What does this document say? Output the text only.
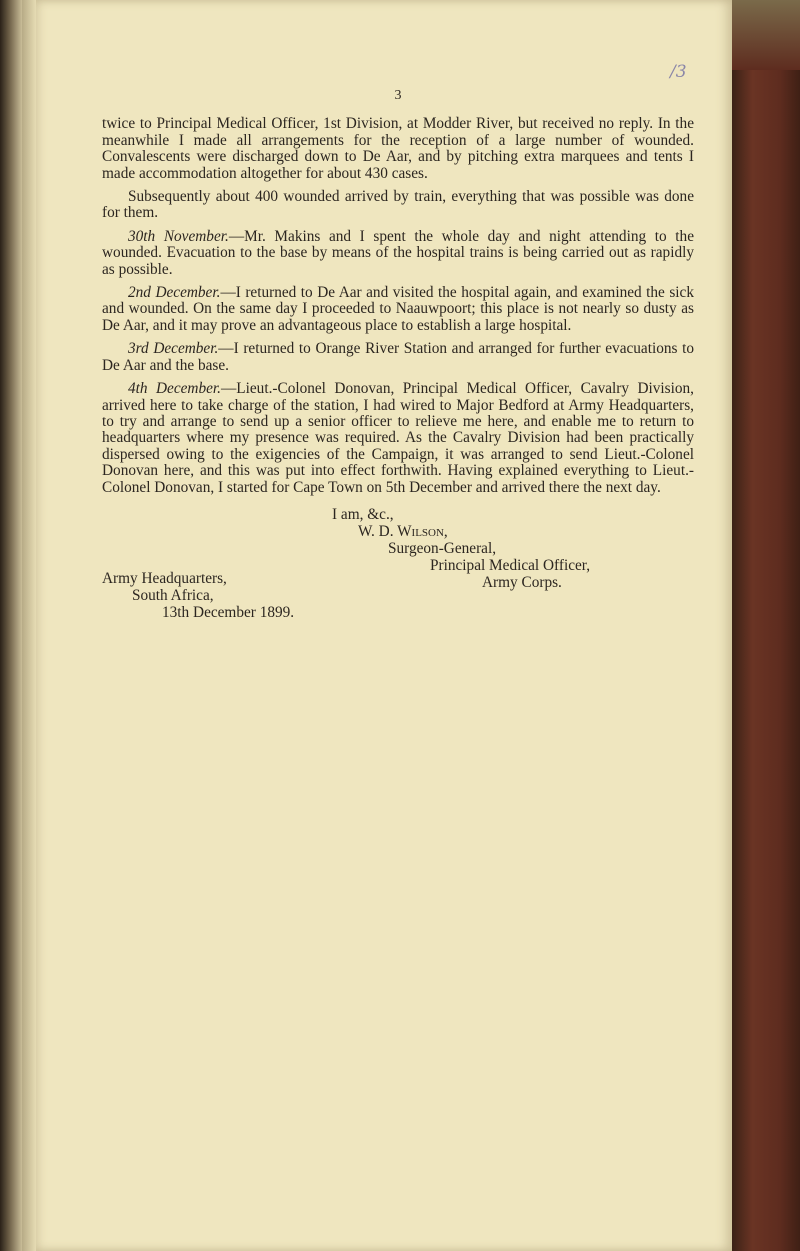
/3
3

twice to Principal Medical Officer, 1st Division, at Modder River, but received no reply. In the meanwhile I made all arrangements for the reception of a large number of wounded. Convalescents were discharged down to De Aar, and by pitching extra marquees and tents I made accommodation altogether for about 430 cases.

Subsequently about 400 wounded arrived by train, everything that was possible was done for them.

30th November.—Mr. Makins and I spent the whole day and night attending to the wounded. Evacuation to the base by means of the hospital trains is being carried out as rapidly as possible.

2nd December.—I returned to De Aar and visited the hospital again, and examined the sick and wounded. On the same day I proceeded to Naauwpoort; this place is not nearly so dusty as De Aar, and it may prove an advantageous place to establish a large hospital.

3rd December.—I returned to Orange River Station and arranged for further evacuations to De Aar and the base.

4th December.—Lieut.-Colonel Donovan, Principal Medical Officer, Cavalry Division, arrived here to take charge of the station, I had wired to Major Bedford at Army Headquarters, to try and arrange to send up a senior officer to relieve me here, and enable me to return to headquarters where my presence was required. As the Cavalry Division had been practically dispersed owing to the exigencies of the Campaign, it was arranged to send Lieut.-Colonel Donovan here, and this was put into effect forthwith. Having explained everything to Lieut.-Colonel Donovan, I started for Cape Town on 5th December and arrived there the next day.

I am, &c.,
W. D. Wilson,
Surgeon-General,
Principal Medical Officer,
Army Corps.
Army Headquarters,
South Africa,
13th December 1899.
